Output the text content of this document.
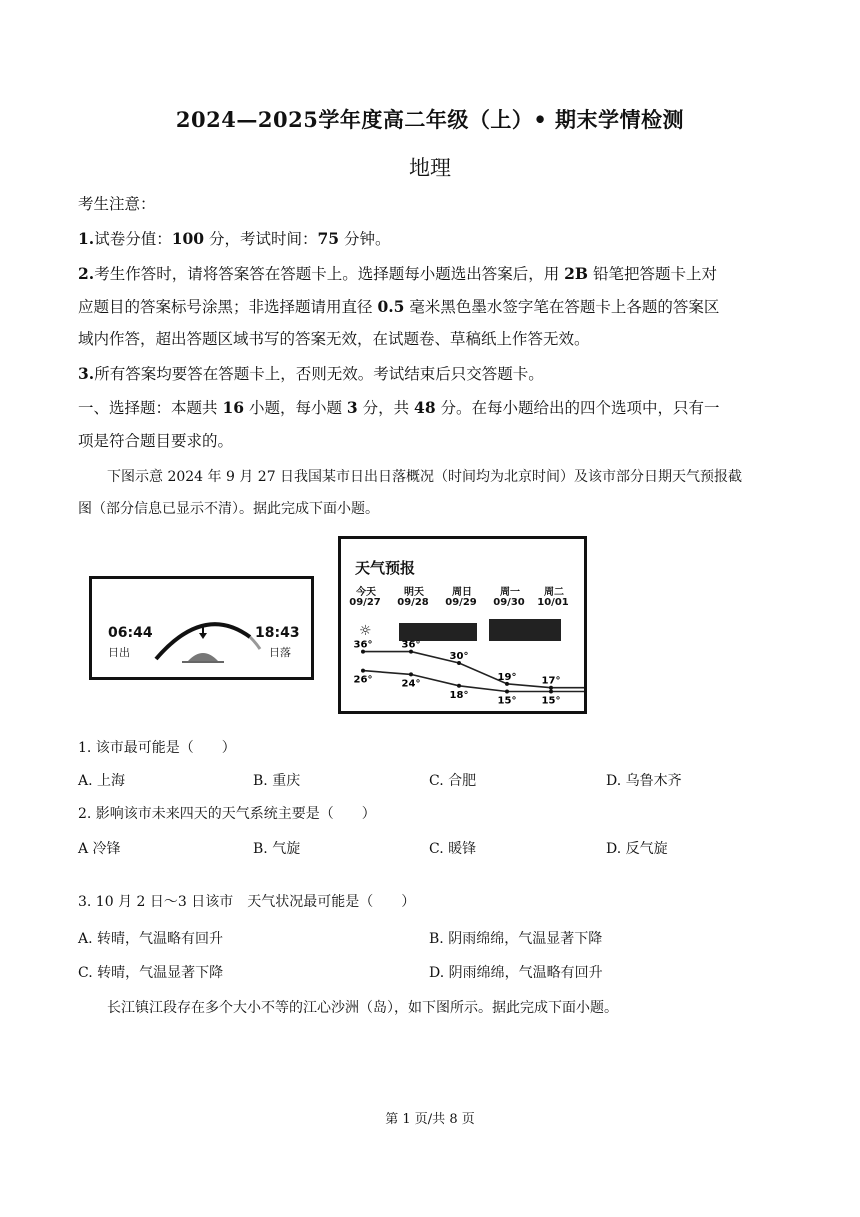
2024—2025学年度高二年级（上）• 期末学情检测
地理
考生注意：
1.试卷分值：100 分，考试时间：75 分钟。
2.考生作答时，请将答案答在答题卡上。选择题每小题选出答案后，用 2B 铅笔把答题卡上对
应题目的答案标号涂黑；非选择题请用直径 0.5 毫米黑色墨水签字笔在答题卡上各题的答案区
域内作答，超出答题区域书写的答案无效，在试题卷、草稿纸上作答无效。
3.所有答案均要答在答题卡上，否则无效。考试结束后只交答题卡。
一、选择题：本题共 16 小题，每小题 3 分，共 48 分。在每小题给出的四个选项中，只有一
项是符合题目要求的。
下图示意 2024 年 9 月 27 日我国某市日出日落概况（时间均为北京时间）及该市部分日期天气预报截
图（部分信息已显示不清）。据此完成下面小题。
06:44
日出
18:43
日落
天气预报
今天
09/27
明天
09/28
周日
09/29
周一
09/30
周二
10/01
☼
36°	36°
30°
19°	17°
26°	24°
18°
15°	15°
1. 该市最可能是（　　）
A. 上海	B. 重庆	C. 合肥	D. 乌鲁木齐
2. 影响该市未来四天的天气系统主要是（　　）
A 冷锋	B. 气旋	C. 暖锋	D. 反气旋
3. 10 月 2 日～3 日该市　天气状况最可能是（　　）
A. 转晴，气温略有回升	B. 阴雨绵绵，气温显著下降
C. 转晴，气温显著下降	D. 阴雨绵绵，气温略有回升
长江镇江段存在多个大小不等的江心沙洲（岛），如下图所示。据此完成下面小题。
第 1 页/共 8 页
